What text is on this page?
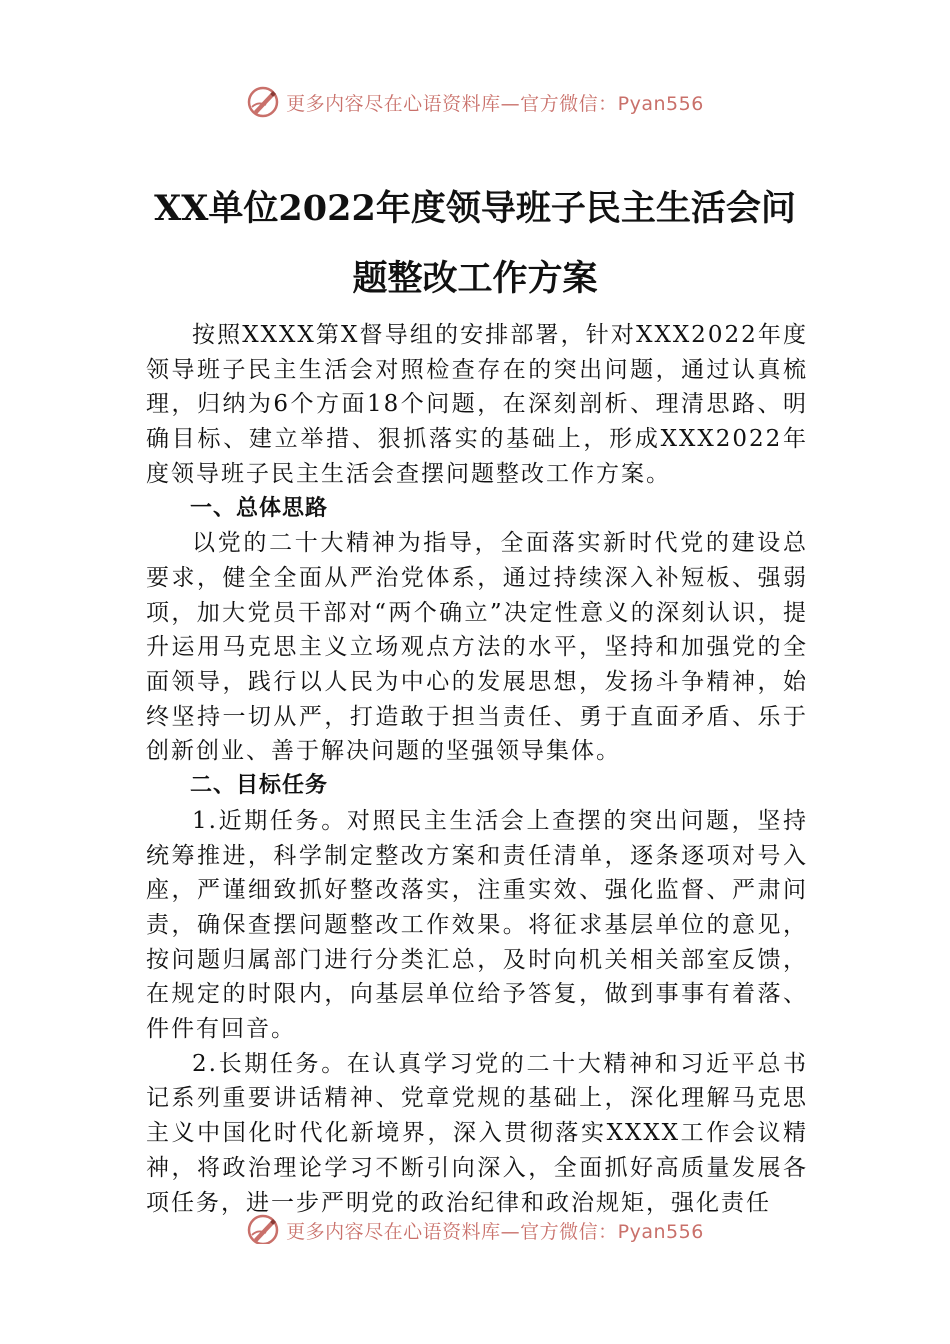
更多内容尽在心语资料库—官方微信：Pyan556
XX单位2022年度领导班子民主生活会问
题整改工作方案

按照XXXX第X督导组的安排部署，针对XXX2022年度领导班子民主生活会对照检查存在的突出问题，通过认真梳理，归纳为6个方面18个问题，在深刻剖析、理清思路、明确目标、建立举措、狠抓落实的基础上，形成XXX2022年度领导班子民主生活会查摆问题整改工作方案。

一、总体思路

以党的二十大精神为指导，全面落实新时代党的建设总要求，健全全面从严治党体系，通过持续深入补短板、强弱项，加大党员干部对“两个确立”决定性意义的深刻认识，提升运用马克思主义立场观点方法的水平，坚持和加强党的全面领导，践行以人民为中心的发展思想，发扬斗争精神，始终坚持一切从严，打造敢于担当责任、勇于直面矛盾、乐于创新创业、善于解决问题的坚强领导集体。

二、目标任务

1.近期任务。对照民主生活会上查摆的突出问题，坚持统筹推进，科学制定整改方案和责任清单，逐条逐项对号入座，严谨细致抓好整改落实，注重实效、强化监督、严肃问责，确保查摆问题整改工作效果。将征求基层单位的意见，按问题归属部门进行分类汇总，及时向机关相关部室反馈，在规定的时限内，向基层单位给予答复，做到事事有着落、件件有回音。

2.长期任务。在认真学习党的二十大精神和习近平总书记系列重要讲话精神、党章党规的基础上，深化理解马克思主义中国化时代化新境界，深入贯彻落实XXXX工作会议精神，将政治理论学习不断引向深入，全面抓好高质量发展各项任务，进一步严明党的政治纪律和政治规矩，强化责任

更多内容尽在心语资料库—官方微信：Pyan556
